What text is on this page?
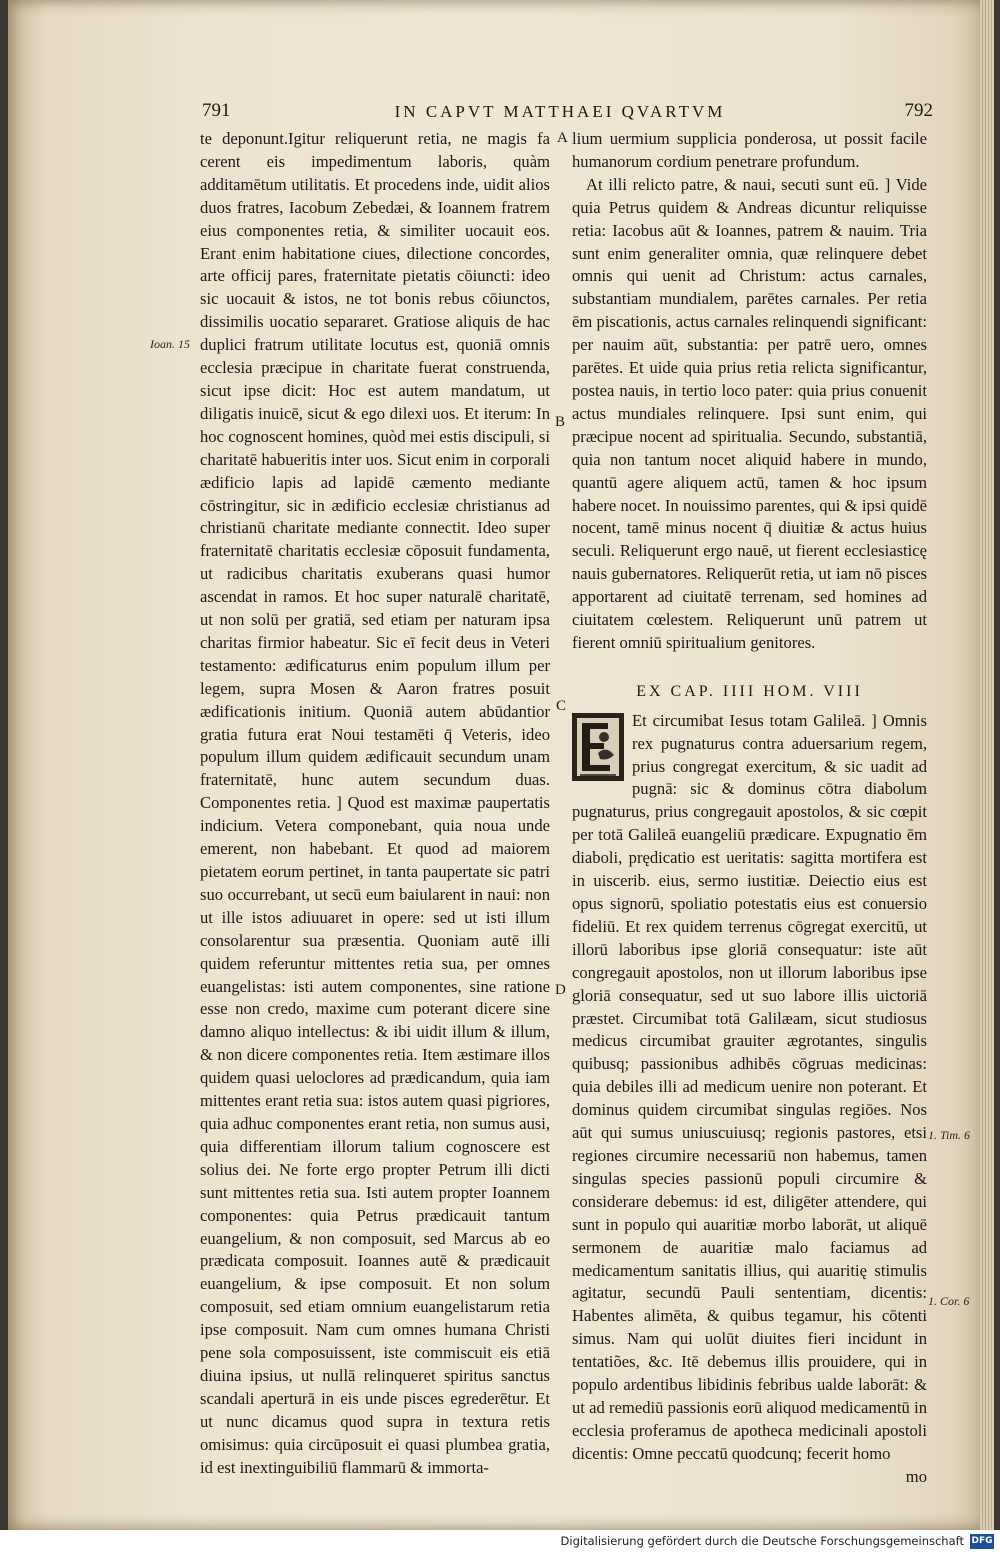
791	IN CAPVT MATTHAEI QVARTVM	792

te deponunt.Igitur reliquerunt retia, ne magis fa cerent eis impedimentum laboris, quàm additamētum utilitatis. Et procedens inde, uidit alios duos fratres, Iacobum Zebedæi, & Ioannem fratrem eius componentes retia, & similiter uocauit eos. Erant enim habitatione ciues, dilectione concordes, arte officij pares, fraternitate pietatis cōiuncti: ideo sic uocauit & istos, ne tot bonis rebus cōiunctos, dissimilis uocatio separaret. Gratiose aliquis de hac duplici fratrum utilitate locutus est, quoniā omnis ecclesia præcipue in charitate fuerat construenda, sicut ipse dicit: Hoc est autem mandatum, ut diligatis inuicē, sicut & ego dilexi uos. Et iterum: In hoc cognoscent homines, quòd mei estis discipuli, si charitatē habueritis inter uos. Sicut enim in corporali ædificio lapis ad lapidē cæmento mediante cōstringitur, sic in ædificio ecclesiæ christianus ad christianū charitate mediante connectit. Ideo super fraternitatē charitatis ecclesiæ cōposuit fundamenta, ut radicibus charitatis exuberans quasi humor ascendat in ramos. Et hoc super naturalē charitatē, ut non solū per gratiā, sed etiam per naturam ipsa charitas firmior habeatur. Sic eī fecit deus in Veteri testamento: ædificaturus enim populum illum per legem, supra Mosen & Aaron fratres posuit ædificationis initium. Quoniā autem abūdantior gratia futura erat Noui testamēti q̄ Veteris, ideo populum illum quidem ædificauit secundum unam fraternitatē, hunc autem secundum duas. Componentes retia. ] Quod est maximæ paupertatis indicium. Vetera componebant, quia noua unde emerent, non habebant. Et quod ad maiorem pietatem eorum pertinet, in tanta paupertate sic patri suo occurrebant, ut secū eum baiularent in naui: non ut ille istos adiuuaret in opere: sed ut isti illum consolarentur sua præsentia. Quoniam autē illi quidem referuntur mittentes retia sua, per omnes euangelistas: isti autem componentes, sine ratione esse non credo, maxime cum poterant dicere sine damno aliquo intellectus: & ibi uidit illum & illum, & non dicere componentes retia. Item æstimare illos quidem quasi ueloclores ad prædicandum, quia iam mittentes erant retia sua: istos autem quasi pigriores, quia adhuc componentes erant retia, non sumus ausi, quia differentiam illorum talium cognoscere est solius dei. Ne forte ergo propter Petrum illi dicti sunt mittentes retia sua. Isti autem propter Ioannem componentes: quia Petrus prædicauit tantum euangelium, & non composuit, sed Marcus ab eo prædicata composuit. Ioannes autē & prædicauit euangelium, & ipse composuit. Et non solum composuit, sed etiam omnium euangelistarum retia ipse composuit. Nam cum omnes humana Christi pene sola composuissent, iste commiscuit eis etiā diuina ipsius, ut nullā relinqueret spiritus sanctus scandali aperturā in eis unde pisces egrederētur. Et ut nunc dicamus quod supra in textura retis omisimus: quia circūposuit ei quasi plumbea gratia, id est inextinguibiliū flammarū & immorta-

lium uermium supplicia ponderosa, ut possit facile humanorum cordium penetrare profundum.

At illi relicto patre, & naui, secuti sunt eū. ] Vide quia Petrus quidem & Andreas dicuntur reliquisse retia: Iacobus aūt & Ioannes, patrem & nauim. Tria sunt enim generaliter omnia, quæ relinquere debet omnis qui uenit ad Christum: actus carnales, substantiam mundialem, parētes carnales. Per retia ēm piscationis, actus carnales relinquendi significant: per nauim aūt, substantia: per patrē uero, omnes parētes. Et uide quia prius retia relicta significantur, postea nauis, in tertio loco pater: quia prius conuenit actus mundiales relinquere. Ipsi sunt enim, qui præcipue nocent ad spiritualia. Secundo, substantiā, quia non tantum nocet aliquid habere in mundo, quantū agere aliquem actū, tamen & hoc ipsum habere nocet. In nouissimo parentes, qui & ipsi quidē nocent, tamē minus nocent q̄ diuitiæ & actus huius seculi. Reliquerunt ergo nauē, ut fierent ecclesiasticę nauis gubernatores. Reliquerūt retia, ut iam nō pisces apportarent ad ciuitatē terrenam, sed homines ad ciuitatem cœlestem. Reliquerunt unū patrem ut fierent omniū spiritualium genitores.

EX CAP. IIII HOM. VIII

Et circumibat Iesus totam Galileā. ] Omnis rex pugnaturus contra aduersarium regem, prius congregat exercitum, & sic uadit ad pugnā: sic & dominus cōtra diabolum pugnaturus, prius congregauit apostolos, & sic cœpit per totā Galileā euangeliū prædicare. Expugnatio ēm diaboli, prędicatio est ueritatis: sagitta mortifera est in uiscerib. eius, sermo iustitiæ. Deiectio eius est opus signorū, spoliatio potestatis eius est conuersio fideliū. Et rex quidem terrenus cōgregat exercitū, ut illorū laboribus ipse gloriā consequatur: iste aūt congregauit apostolos, non ut illorum laboribus ipse gloriā consequatur, sed ut suo labore illis uictoriā præstet. Circumibat totā Galilæam, sicut studiosus medicus circumibat grauiter ægrotantes, singulis quibusq; passionibus adhibēs cōgruas medicinas: quia debiles illi ad medicum uenire non poterant. Et dominus quidem circumibat singulas regiōes. Nos aūt qui sumus uniuscuiusq; regionis pastores, etsi regiones circumire necessariū non habemus, tamen singulas species passionū populi circumire & considerare debemus: id est, diligēter attendere, qui sunt in populo qui auaritiæ morbo laborāt, ut aliquē sermonem de auaritiæ malo faciamus ad medicamentum sanitatis illius, qui auaritię stimulis agitatur, secundū Pauli sententiam, dicentis: Habentes alimēta, & quibus tegamur, his cōtenti simus. Nam qui uolūt diuites fieri incidunt in tentatiões, &c. Itē debemus illis prouidere, qui in populo ardentibus libidinis febribus ualde laborāt: & ut ad remediū passionis eorū aliquod medicamentū in ecclesia proferamus de apotheca medicinali apostoli dicentis: Omne peccatū quodcunq; fecerit homo

mo

A
B
C
D
Ioan. 15
1. Tim. 6
1. Cor. 6
Digitalisierung gefördert durch die Deutsche Forschungsgemeinschaft DFG
